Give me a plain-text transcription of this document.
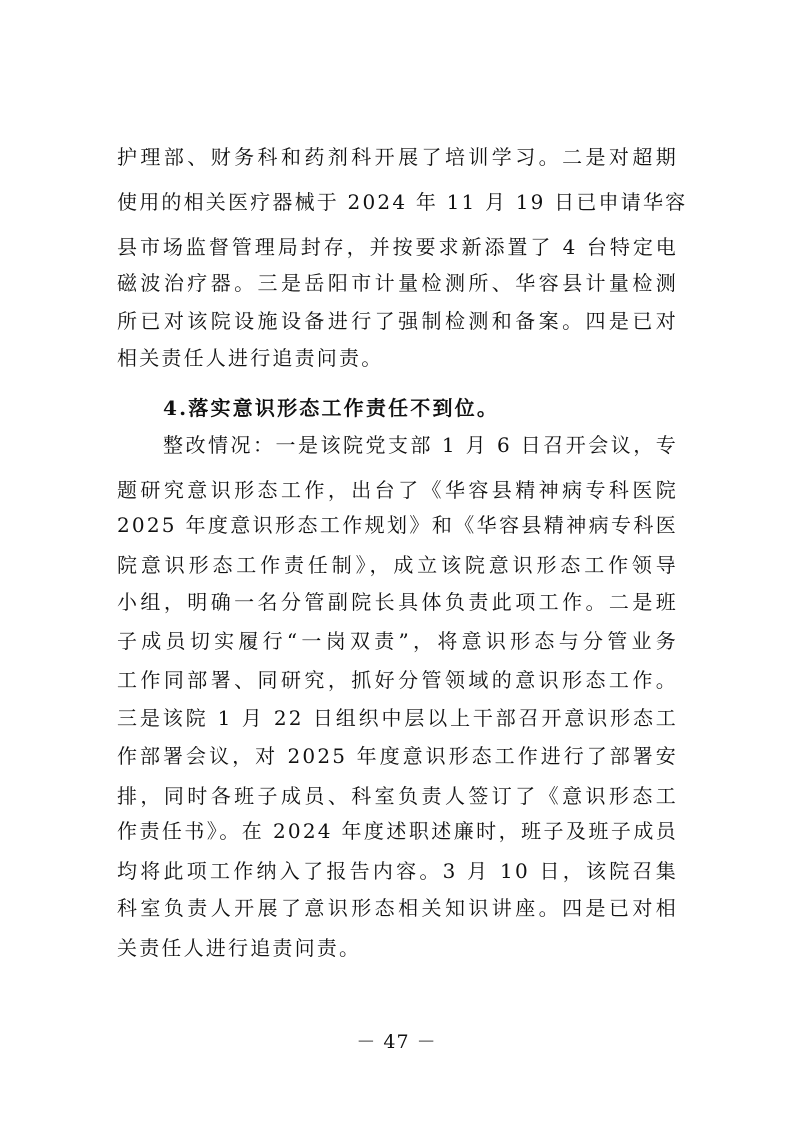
护理部、财务科和药剂科开展了培训学习。二是对超期
使用的相关医疗器械于 2024 年 11 月 19 日已申请华容
县市场监督管理局封存，并按要求新添置了 4 台特定电
磁波治疗器。三是岳阳市计量检测所、华容县计量检测
所已对该院设施设备进行了强制检测和备案。四是已对
相关责任人进行追责问责。
4.落实意识形态工作责任不到位。
整改情况：一是该院党支部 1 月 6 日召开会议，专
题研究意识形态工作，出台了《华容县精神病专科医院
2025 年度意识形态工作规划》和《华容县精神病专科医
院意识形态工作责任制》，成立该院意识形态工作领导
小组，明确一名分管副院长具体负责此项工作。二是班
子成员切实履行“一岗双责”，将意识形态与分管业务
工作同部署、同研究，抓好分管领域的意识形态工作。
三是该院 1 月 22 日组织中层以上干部召开意识形态工
作部署会议，对 2025 年度意识形态工作进行了部署安
排，同时各班子成员、科室负责人签订了《意识形态工
作责任书》。在 2024 年度述职述廉时，班子及班子成员
均将此项工作纳入了报告内容。3 月 10 日，该院召集
科室负责人开展了意识形态相关知识讲座。四是已对相
关责任人进行追责问责。
－ 47 －
